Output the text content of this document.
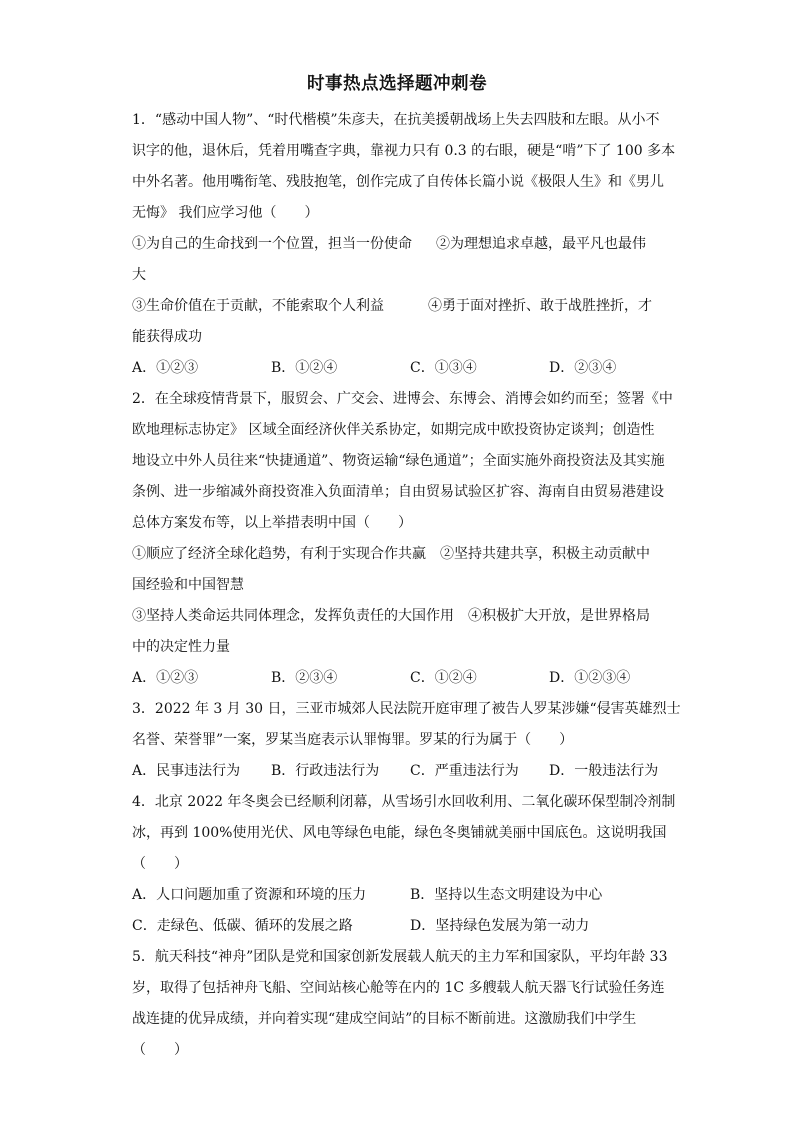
时事热点选择题冲刺卷
1．“感动中国人物”、“时代楷模”朱彦夫，在抗美援朝战场上失去四肢和左眼。从小不
识字的他，退休后，凭着用嘴查字典，靠视力只有 0.3 的右眼，硬是“啃”下了 100 多本
中外名著。他用嘴衔笔、残肢抱笔，创作完成了自传体长篇小说《极限人生》和《男儿
无悔》 我们应学习他（　　）
①为自己的生命找到一个位置，担当一份使命 ②为理想追求卓越，最平凡也最伟
大
③生命价值在于贡献，不能索取个人利益	④勇于面对挫折、敢于战胜挫折，才
能获得成功
A．①②③	B．①②④	C．①③④	D．②③④
2．在全球疫情背景下，服贸会、广交会、进博会、东博会、消博会如约而至；签署《中
欧地理标志协定》 区域全面经济伙伴关系协定，如期完成中欧投资协定谈判；创造性
地设立中外人员往来“快捷通道”、物资运输“绿色通道”；全面实施外商投资法及其实施
条例、进一步缩减外商投资准入负面清单；自由贸易试验区扩容、海南自由贸易港建设
总体方案发布等，以上举措表明中国（　　）
①顺应了经济全球化趋势，有利于实现合作共赢 ②坚持共建共享，积极主动贡献中
国经验和中国智慧
③坚持人类命运共同体理念，发挥负责任的大国作用 ④积极扩大开放，是世界格局
中的决定性力量
A．①②③	B．②③④	C．①②④	D．①②③④
3．2022 年 3 月 30 日，三亚市城郊人民法院开庭审理了被告人罗某涉嫌“侵害英雄烈士
名誉、荣誉罪”一案，罗某当庭表示认罪悔罪。罗某的行为属于（　　）
A．民事违法行为	B．行政违法行为	C．严重违法行为	D．一般违法行为
4．北京 2022 年冬奥会已经顺利闭幕，从雪场引水回收利用、二氧化碳环保型制冷剂制
冰，再到 100%使用光伏、风电等绿色电能，绿色冬奥铺就美丽中国底色。这说明我国
（　　）
A．人口问题加重了资源和环境的压力	B．坚持以生态文明建设为中心
C．走绿色、低碳、循环的发展之路	D．坚持绿色发展为第一动力
5．航天科技“神舟”团队是党和国家创新发展载人航天的主力军和国家队，平均年龄 33
岁，取得了包括神舟飞船、空间站核心舱等在内的 1C 多艘载人航天器飞行试验任务连
战连捷的优异成绩，并向着实现“建成空间站”的目标不断前进。这激励我们中学生
（　　）
